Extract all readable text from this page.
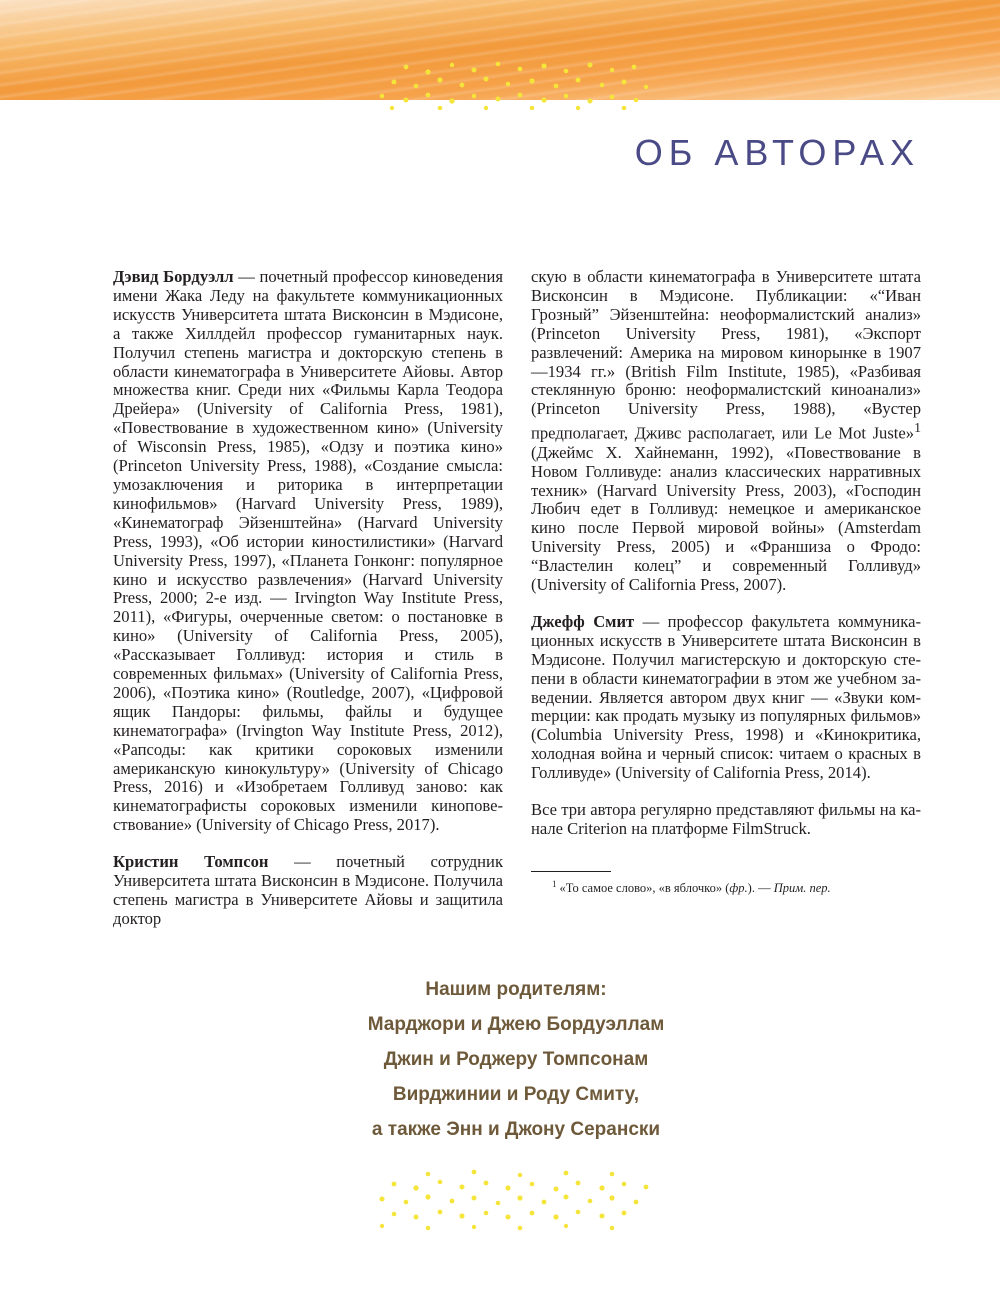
ОБ АВТОРАХ

Дэвид Бордуэлл — почетный профессор киноведения имени Жака Леду на факультете коммуникационных искусств Университета штата Висконсин в Мэдисоне, а также Хиллдейл профессор гуманитарных наук. Получил степень магистра и докторскую степень в области кинематографа в Университете Айовы. Автор множества книг. Среди них «Фильмы Карла Теодора Дрейера» (University of California Press, 1981), «Повествование в художественном кино» (University of Wisconsin Press, 1985), «Одзу и поэтика кино» (Princeton University Press, 1988), «Создание смысла: умозаключения и риторика в интерпретации кинофильмов» (Harvard University Press, 1989), «Кинематограф Эйзенштейна» (Harvard University Press, 1993), «Об истории киностилистики» (Harvard University Press, 1997), «Планета Гонконг: популярное кино и искусство развлечения» (Harvard University Press, 2000; 2-е изд. — Irvington Way Institute Press, 2011), «Фигуры, очерченные светом: о постановке в кино» (University of California Press, 2005), «Рассказывает Голливуд: история и стиль в современных фильмах» (University of California Press, 2006), «Поэтика кино» (Routledge, 2007), «Цифровой ящик Пандоры: фильмы, файлы и будущее кинематографа» (Irvington Way Institute Press, 2012), «Рапсоды: как критики сороковых изменили американскую кинокультуру» (University of Chicago Press, 2016) и «Изобретаем Голливуд заново: как кинематографисты сороковых изменили киноповествование» (University of Chicago Press, 2017).

Кристин Томпсон — почетный сотрудник Университета штата Висконсин в Мэдисоне. Получила степень магистра в Университете Айовы и защитила доктор

скую в области кинематографа в Университете штата Висконсин в Мэдисоне. Публикации: «“Иван Грозный” Эйзенштейна: неоформалистский анализ» (Princeton University Press, 1981), «Экспорт развлечений: Америка на мировом кинорынке в 1907—1934 гг.» (British Film Institute, 1985), «Разбивая стеклянную броню: неоформалистский киноанализ» (Princeton University Press, 1988), «Вустер предполагает, Дживс располагает, или Le Mot Juste»$^1$ (Джеймс Х. Хайнеманн, 1992), «Повествование в Новом Голливуде: анализ классических нарративных техник» (Harvard University Press, 2003), «Господин Любич едет в Голливуд: немецкое и американское кино после Первой мировой войны» (Amsterdam University Press, 2005) и «Франшиза о Фродо: “Властелин колец” и современный Голливуд» (University of California Press, 2007).

Джефф Смит — профессор факультета коммуникационных искусств в Университете штата Висконсин в Мэдисоне. Получил магистерскую и докторскую степени в области кинематографии в этом же учебном заведении. Является автором двух книг — «Звуки комmерции: как продать музыку из популярных фильмов» (Columbia University Press, 1998) и «Кинокритика, холодная война и черный список: читаем о красных в Голливуде» (University of California Press, 2014).

Все три автора регулярно представляют фильмы на канале Criterion на платформе FilmStruck.

$^1$ «То самое слово», «в яблочко» (фр.). — Прим. пер.

Нашим родителям:
Марджори и Джею Бордуэллам
Джин и Роджеру Томпсонам
Вирджинии и Роду Смиту,
а также Энн и Джону Серански
